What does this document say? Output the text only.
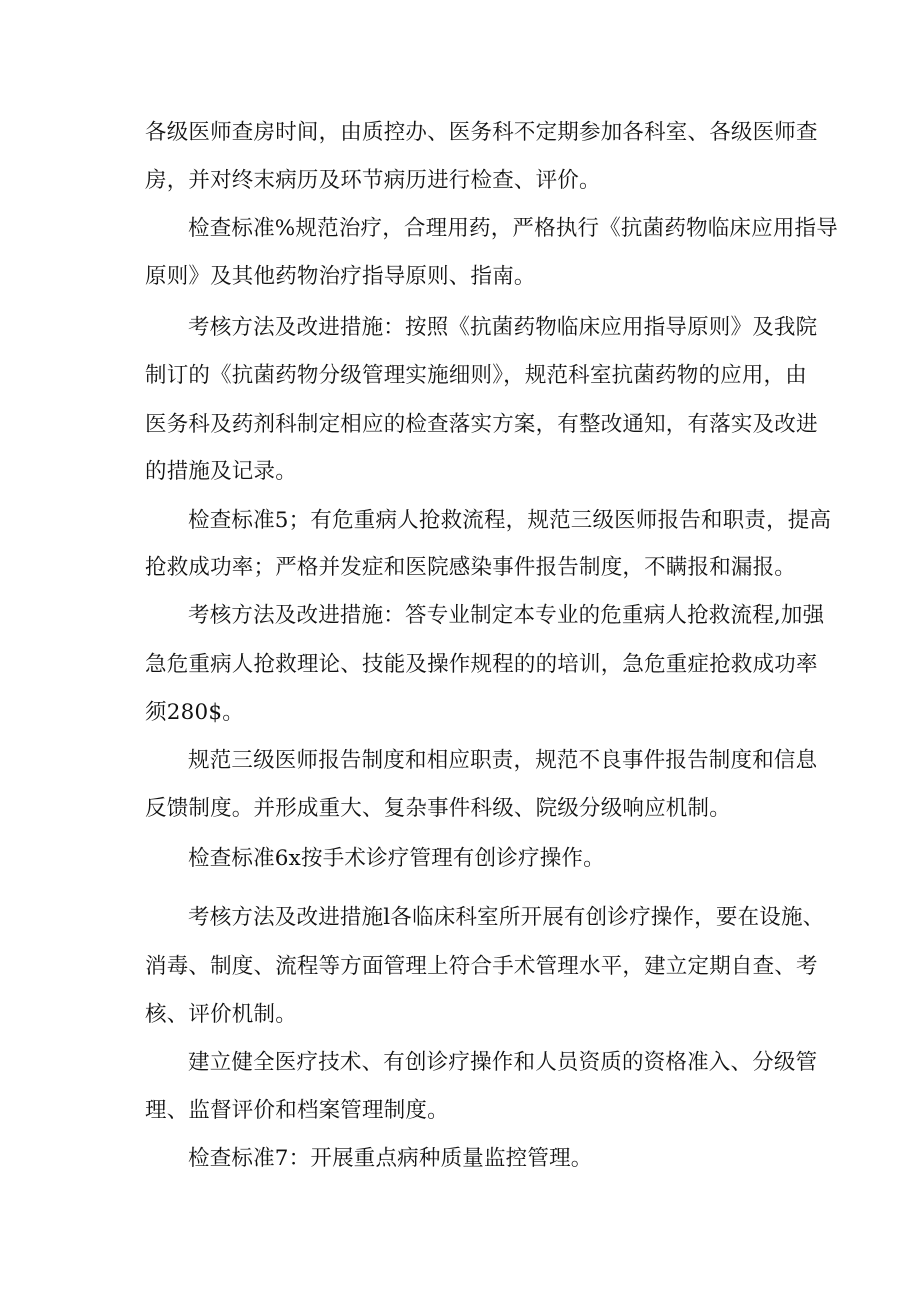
各级医师查房时间，由质控办、医务科不定期参加各科室、各级医师查
房，并对终末病历及环节病历进行检查、评价。
检查标准%规范治疗，合理用药，严格执行《抗菌药物临床应用指导
原则》及其他药物治疗指导原则、指南。
考核方法及改进措施：按照《抗菌药物临床应用指导原则》及我院
制订的《抗菌药物分级管理实施细则》，规范科室抗菌药物的应用，由
医务科及药剂科制定相应的检查落实方案，有整改通知，有落实及改进
的措施及记录。
检查标准5；有危重病人抢救流程，规范三级医师报告和职责，提高
抢救成功率；严格并发症和医院感染事件报告制度，不瞒报和漏报。
考核方法及改进措施：答专业制定本专业的危重病人抢救流程,加强
急危重病人抢救理论、技能及操作规程的的培训，急危重症抢救成功率
须280$。
规范三级医师报告制度和相应职责，规范不良事件报告制度和信息
反馈制度。并形成重大、复杂事件科级、院级分级响应机制。
检查标准6x按手术诊疗管理有创诊疗操作。
考核方法及改进措施l各临床科室所开展有创诊疗操作，要在设施、
消毒、制度、流程等方面管理上符合手术管理水平，建立定期自查、考
核、评价机制。
建立健全医疗技术、有创诊疗操作和人员资质的资格准入、分级管
理、监督评价和档案管理制度。
检查标准7：开展重点病种质量监控管理。
